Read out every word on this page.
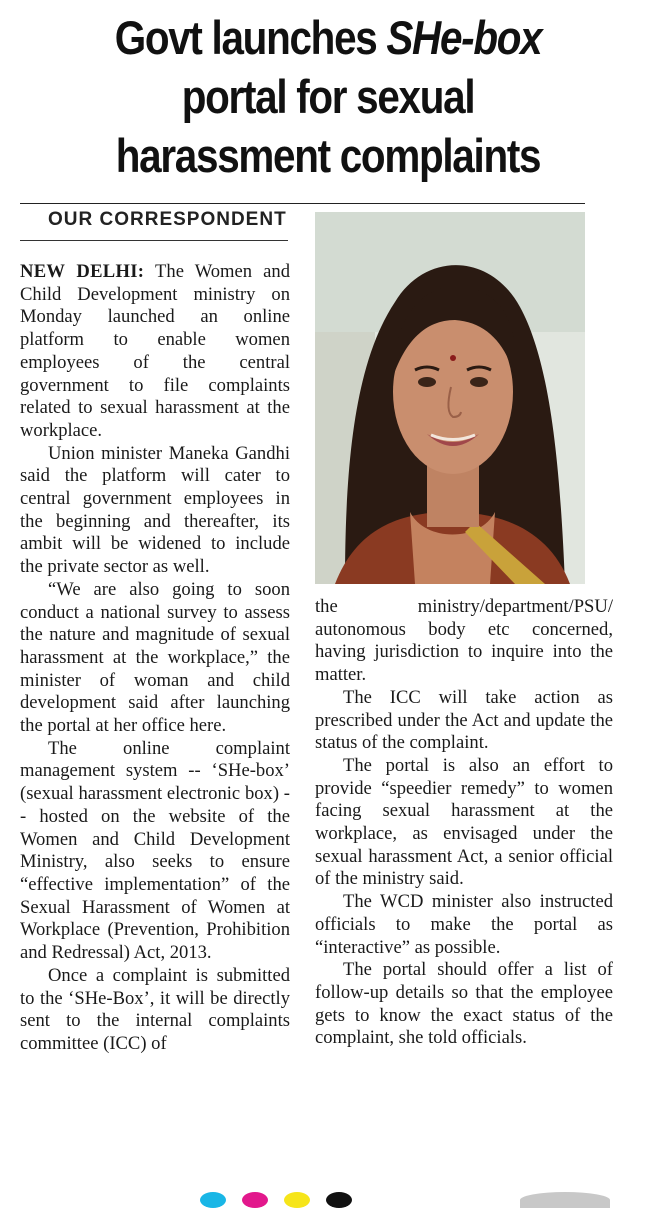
Govt launches SHe-box
portal for sexual
harassment complaints
OUR CORRESPONDENT

NEW DELHI: The Women and Child Development ministry on Monday launched an online platform to enable women employees of the central government to file complaints related to sexual harassment at the workplace.

Union minister Maneka Gandhi said the platform will cater to central government employees in the beginning and thereafter, its ambit will be widened to include the private sector as well.

“We are also going to soon conduct a national survey to assess the nature and magnitude of sexual harassment at the workplace,” the minister of woman and child development said after launching the portal at her office here.

The online complaint management system -- ‘SHe-box’ (sexual harassment electronic box) -- hosted on the website of the Women and Child Development Ministry, also seeks to ensure “effective implementation” of the Sexual Harassment of Women at Workplace (Prevention, Prohibition and Redressal) Act, 2013.

Once a complaint is submitted to the ‘SHe-Box’, it will be directly sent to the internal complaints committee (ICC) of

the ministry/department/PSU/ autonomous body etc concerned, having jurisdiction to inquire into the matter.

The ICC will take action as prescribed under the Act and update the status of the complaint.

The portal is also an effort to provide “speedier remedy” to women facing sexual harassment at the workplace, as envisaged under the sexual harassment Act, a senior official of the ministry said.

The WCD minister also instructed officials to make the portal as “interactive” as possible.

The portal should offer a list of follow-up details so that the employee gets to know the exact status of the complaint, she told officials.
